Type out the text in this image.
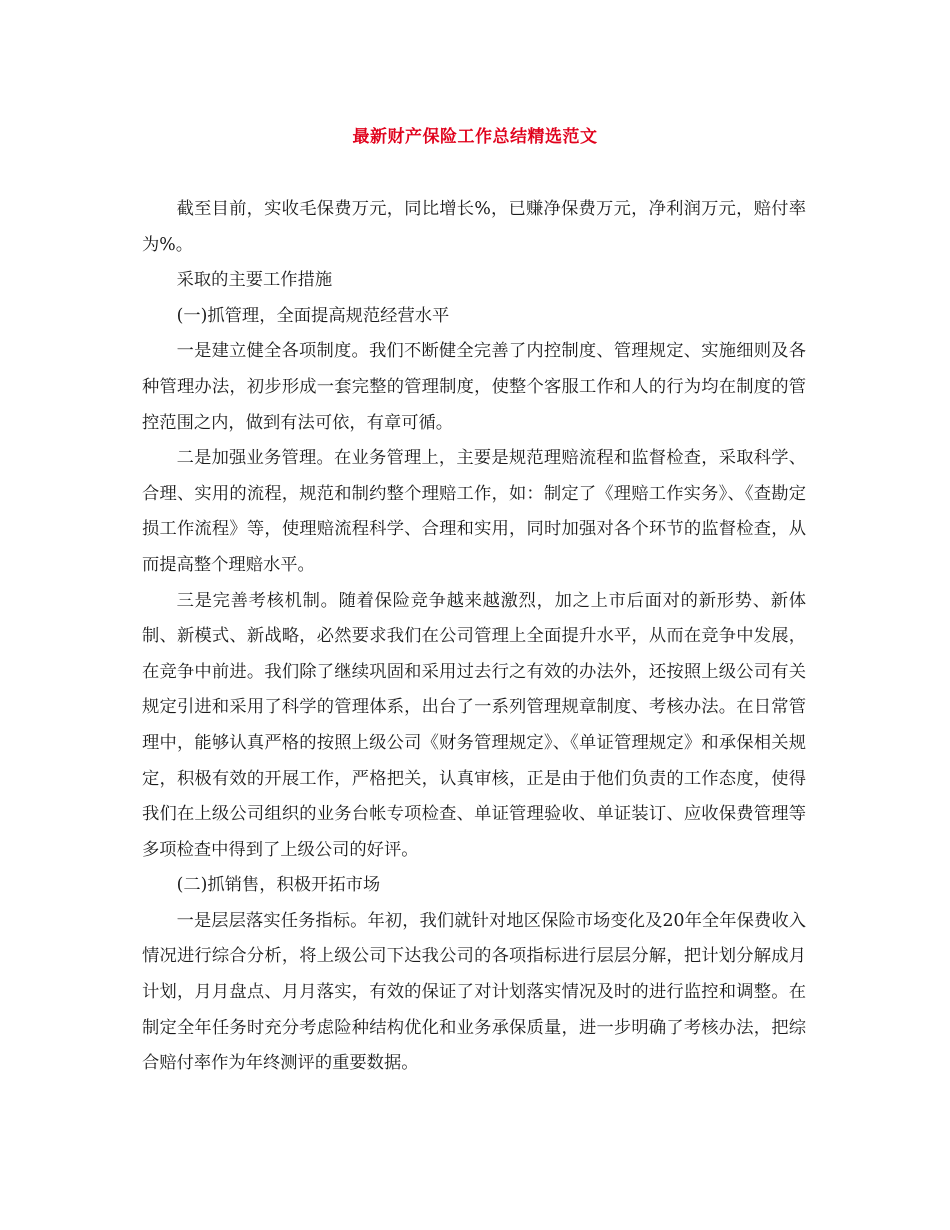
最新财产保险工作总结精选范文

截至目前，实收毛保费万元，同比增长%，已赚净保费万元，净利润万元，赔付率为%。

采取的主要工作措施

(一)抓管理，全面提高规范经营水平

一是建立健全各项制度。我们不断健全完善了内控制度、管理规定、实施细则及各种管理办法，初步形成一套完整的管理制度，使整个客服工作和人的行为均在制度的管控范围之内，做到有法可依，有章可循。

二是加强业务管理。在业务管理上，主要是规范理赔流程和监督检查，采取科学、合理、实用的流程，规范和制约整个理赔工作，如：制定了《理赔工作实务》、《查勘定损工作流程》等，使理赔流程科学、合理和实用，同时加强对各个环节的监督检查，从而提高整个理赔水平。

三是完善考核机制。随着保险竞争越来越激烈，加之上市后面对的新形势、新体制、新模式、新战略，必然要求我们在公司管理上全面提升水平，从而在竞争中发展，在竞争中前进。我们除了继续巩固和采用过去行之有效的办法外，还按照上级公司有关规定引进和采用了科学的管理体系，出台了一系列管理规章制度、考核办法。在日常管理中，能够认真严格的按照上级公司《财务管理规定》、《单证管理规定》和承保相关规定，积极有效的开展工作，严格把关，认真审核，正是由于他们负责的工作态度，使得我们在上级公司组织的业务台帐专项检查、单证管理验收、单证装订、应收保费管理等多项检查中得到了上级公司的好评。

(二)抓销售，积极开拓市场

一是层层落实任务指标。年初，我们就针对地区保险市场变化及20年全年保费收入情况进行综合分析，将上级公司下达我公司的各项指标进行层层分解，把计划分解成月计划，月月盘点、月月落实，有效的保证了对计划落实情况及时的进行监控和调整。在制定全年任务时充分考虑险种结构优化和业务承保质量，进一步明确了考核办法，把综合赔付率作为年终测评的重要数据。
